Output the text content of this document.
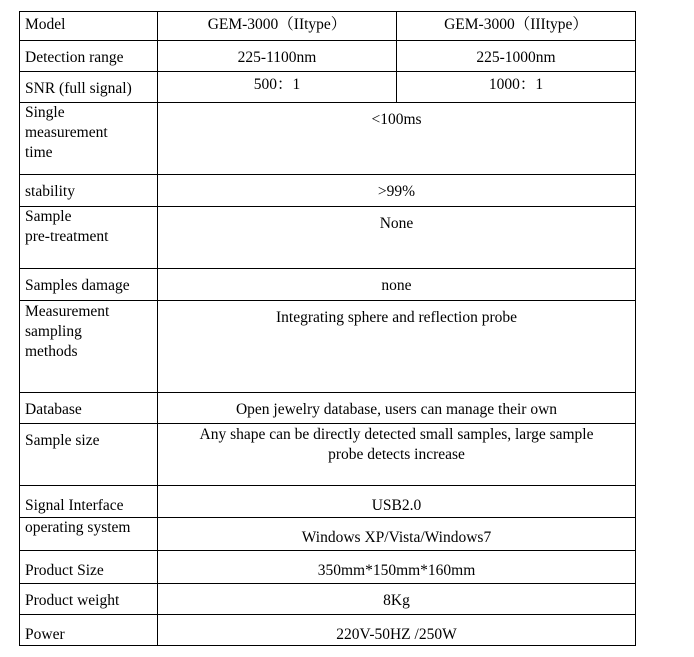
Model	GEM-3000（IItype）	GEM-3000（IIItype）
Detection range	225-1100nm	225-1000nm
SNR (full signal)	500：1	1000：1

Single
measurement
time	<100ms	
stability	>99%	

Sample
pre-treatment	None	
Samples damage	none	

Measurement
sampling
methods	Integrating sphere and reflection probe	
Database	Open jewelry database, users can manage their own	
Sample size	Any shape can be directly detected small samples, large sample
probe detects increase	

Signal Interface	USB2.0	
operating system	Windows XP/Vista/Windows7	
Product Size	350mm*150mm*160mm	
Product weight	8Kg	
Power	220V-50HZ /250W	
